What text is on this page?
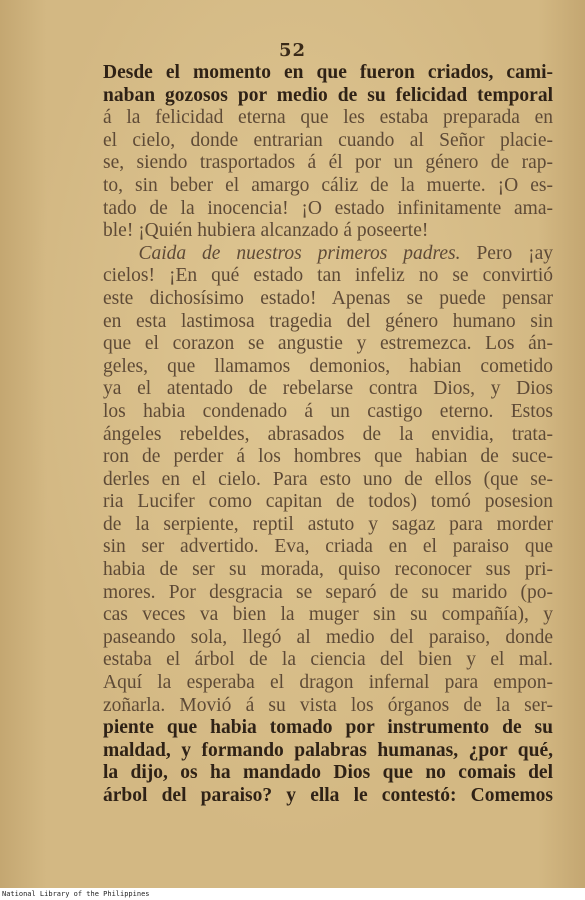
52
Desde el momento en que fueron criados, cami-
naban gozosos por medio de su felicidad temporal
á la felicidad eterna que les estaba preparada en
el cielo, donde entrarian cuando al Señor placie-
se, siendo trasportados á él por un género de rap-
to, sin beber el amargo cáliz de la muerte. ¡O es-
tado de la inocencia! ¡O estado infinitamente ama-
ble! ¡Quién hubiera alcanzado á poseerte!
  Caida de nuestros primeros padres. Pero ¡ay
cielos! ¡En qué estado tan infeliz no se convirtió
este dichosísimo estado! Apenas se puede pensar
en esta lastimosa tragedia del género humano sin
que el corazon se angustie y estremezca. Los án-
geles, que llamamos demonios, habian cometido
ya el atentado de rebelarse contra Dios, y Dios
los habia condenado á un castigo eterno. Estos
ángeles rebeldes, abrasados de la envidia, trata-
ron de perder á los hombres que habian de suce-
derles en el cielo. Para esto uno de ellos (que se-
ria Lucifer como capitan de todos) tomó posesion
de la serpiente, reptil astuto y sagaz para morder
sin ser advertido. Eva, criada en el paraiso que
habia de ser su morada, quiso reconocer sus pri-
mores. Por desgracia se separó de su marido (po-
cas veces va bien la muger sin su compañía), y
paseando sola, llegó al medio del paraiso, donde
estaba el árbol de la ciencia del bien y el mal.
Aquí la esperaba el dragon infernal para empon-
zoñarla. Movió á su vista los órganos de la ser-
piente que habia tomado por instrumento de su
maldad, y formando palabras humanas, ¿por qué,
la dijo, os ha mandado Dios que no comais del
árbol del paraiso? y ella le contestó: Comemos
National Library of the Philippines
